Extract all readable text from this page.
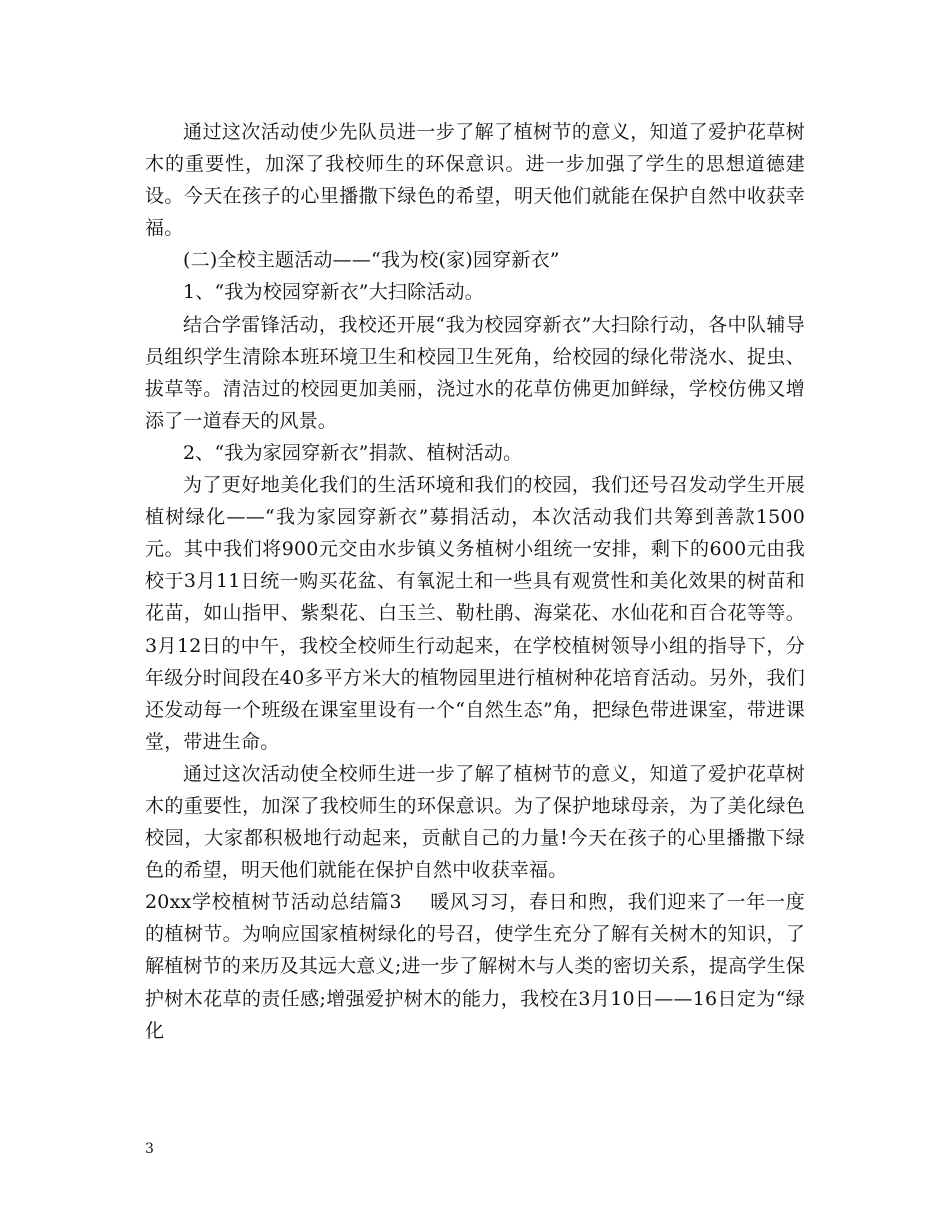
通过这次活动使少先队员进一步了解了植树节的意义，知道了爱护花草树木的重要性，加深了我校师生的环保意识。进一步加强了学生的思想道德建设。今天在孩子的心里播撒下绿色的希望，明天他们就能在保护自然中收获幸福。

(二)全校主题活动——“我为校(家)园穿新衣”

1、“我为校园穿新衣”大扫除活动。

结合学雷锋活动，我校还开展“我为校园穿新衣”大扫除行动，各中队辅导员组织学生清除本班环境卫生和校园卫生死角，给校园的绿化带浇水、捉虫、拔草等。清洁过的校园更加美丽，浇过水的花草仿佛更加鲜绿，学校仿佛又增添了一道春天的风景。

2、“我为家园穿新衣”捐款、植树活动。

为了更好地美化我们的生活环境和我们的校园，我们还号召发动学生开展植树绿化——“我为家园穿新衣”募捐活动，本次活动我们共筹到善款1500元。其中我们将900元交由水步镇义务植树小组统一安排，剩下的600元由我校于3月11日统一购买花盆、有氧泥土和一些具有观赏性和美化效果的树苗和花苗，如山指甲、紫梨花、白玉兰、勒杜鹃、海棠花、水仙花和百合花等等。3月12日的中午，我校全校师生行动起来，在学校植树领导小组的指导下，分年级分时间段在40多平方米大的植物园里进行植树种花培育活动。另外，我们还发动每一个班级在课室里设有一个“自然生态”角，把绿色带进课室，带进课堂，带进生命。

通过这次活动使全校师生进一步了解了植树节的意义，知道了爱护花草树木的重要性，加深了我校师生的环保意识。为了保护地球母亲，为了美化绿色校园，大家都积极地行动起来，贡献自己的力量!今天在孩子的心里播撒下绿色的希望，明天他们就能在保护自然中收获幸福。

20xx学校植树节活动总结篇3 暖风习习，春日和煦，我们迎来了一年一度的植树节。为响应国家植树绿化的号召，使学生充分了解有关树木的知识，了解植树节的来历及其远大意义;进一步了解树木与人类的密切关系，提高学生保护树木花草的责任感;增强爱护树木的能力，我校在3月10日——16日定为“绿化

3
